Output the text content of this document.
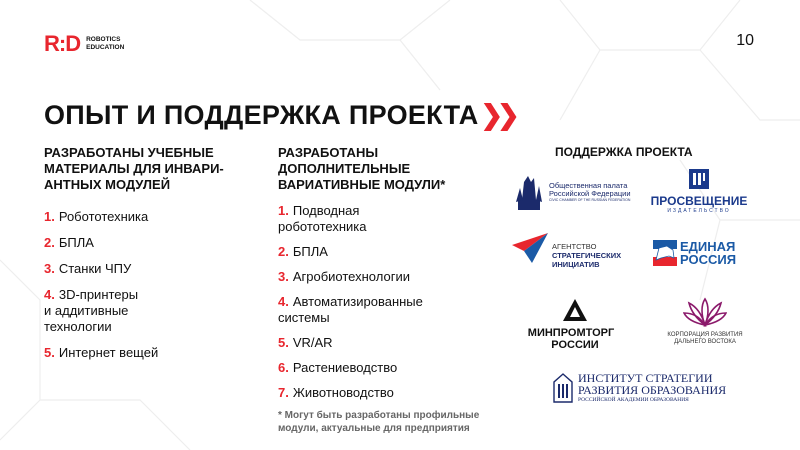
R:D ROBOTICS
EDUCATION	10
ОПЫТ И ПОДДЕРЖКА ПРОЕКТА❯❯
РАЗРАБОТАНЫ УЧЕБНЫЕ
МАТЕРИАЛЫ ДЛЯ ИНВАРИ-
АНТНЫХ МОДУЛЕЙ
1. Робототехника
2. БПЛА
3. Станки ЧПУ
4. 3D-принтеры
и аддитивные
технологии
5. Интернет вещей
РАЗРАБОТАНЫ
ДОПОЛНИТЕЛЬНЫЕ
ВАРИАТИВНЫЕ МОДУЛИ*
1. Подводная
робототехника
2. БПЛА
3. Агробиотехнологии
4. Автоматизированные
системы
5. VR/AR
6. Растениеводство
7. Животноводство
* Могут быть разработаны профильные
модули, актуальные для предприятия
ПОДДЕРЖКА ПРОЕКТА
Общественная палата
Российской Федерации
CIVIC CHAMBER OF THE RUSSIAN FEDERATION ПРОСВЕЩЕНИЕ
ИЗДАТЕЛЬСТВО
АГЕНТСТВО
СТРАТЕГИЧЕСКИХ
ИНИЦИАТИВ
ЕДИНАЯ
РОССИЯ
МИНПРОМТОРГ
РОССИИ
КОРПОРАЦИЯ РАЗВИТИЯ
ДАЛЬНЕГО ВОСТОКА
ИНСТИТУТ СТРАТЕГИИ
РАЗВИТИЯ ОБРАЗОВАНИЯ
РОССИЙСКОЙ АКАДЕМИИ ОБРАЗОВАНИЯ
